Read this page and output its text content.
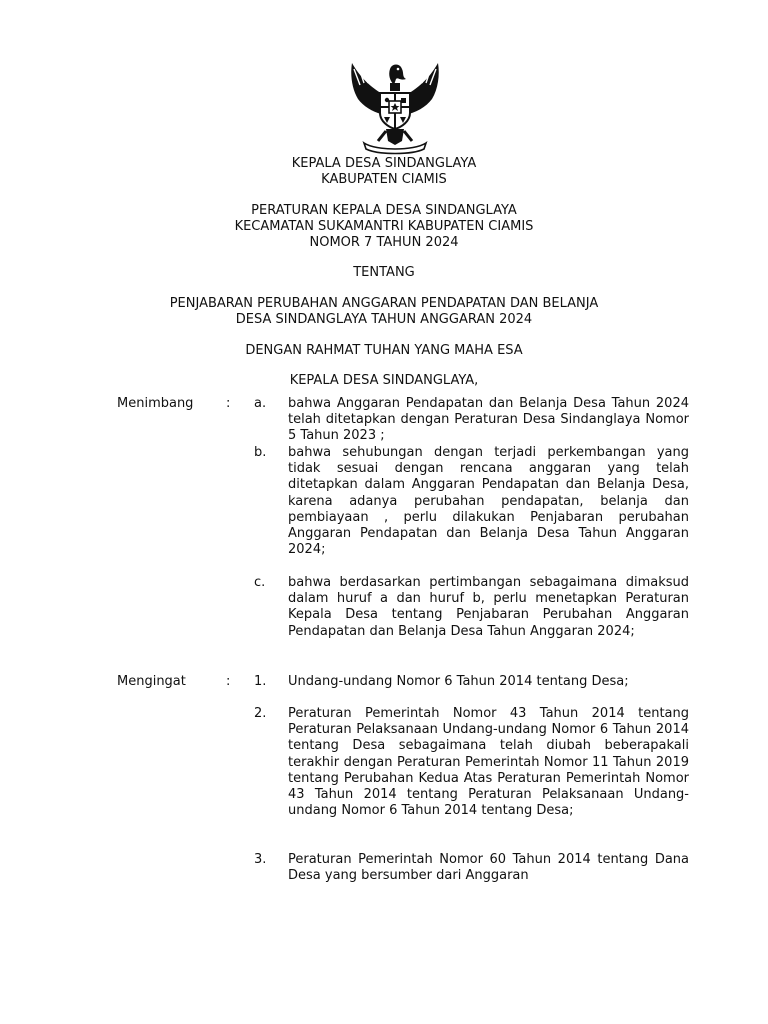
KEPALA DESA SINDANGLAYA
KABUPATEN CIAMIS
PERATURAN KEPALA DESA SINDANGLAYA
KECAMATAN SUKAMANTRI KABUPATEN CIAMIS
NOMOR 7 TAHUN 2024
TENTANG
PENJABARAN PERUBAHAN ANGGARAN PENDAPATAN DAN BELANJA
DESA SINDANGLAYA TAHUN ANGGARAN 2024
DENGAN RAHMAT TUHAN YANG MAHA ESA
KEPALA DESA SINDANGLAYA,
Menimbang	: a. bahwa Anggaran Pendapatan dan Belanja Desa Tahun 2024 telah ditetapkan dengan Peraturan Desa Sindanglaya Nomor 5 Tahun 2023 ;
b. bahwa sehubungan dengan terjadi perkembangan yang tidak sesuai dengan rencana anggaran yang telah ditetapkan dalam Anggaran Pendapatan dan Belanja Desa, karena adanya perubahan pendapatan, belanja dan pembiayaan , perlu dilakukan Penjabaran perubahan Anggaran Pendapatan dan Belanja Desa Tahun Anggaran 2024;
c. bahwa berdasarkan pertimbangan sebagaimana dimaksud dalam huruf a dan huruf b, perlu menetapkan Peraturan Kepala Desa tentang Penjabaran Perubahan Anggaran Pendapatan dan Belanja Desa Tahun Anggaran 2024;
Mengingat	: 1. Undang-undang Nomor 6 Tahun 2014 tentang Desa;
2. Peraturan Pemerintah Nomor 43 Tahun 2014 tentang Peraturan Pelaksanaan Undang-undang Nomor 6 Tahun 2014 tentang Desa sebagaimana telah diubah beberapakali terakhir dengan Peraturan Pemerintah Nomor 11 Tahun 2019 tentang Perubahan Kedua Atas Peraturan Pemerintah Nomor 43 Tahun 2014 tentang Peraturan Pelaksanaan Undang-undang Nomor 6 Tahun 2014 tentang Desa;
3. Peraturan Pemerintah Nomor 60 Tahun 2014 tentang Dana Desa yang bersumber dari Anggaran
